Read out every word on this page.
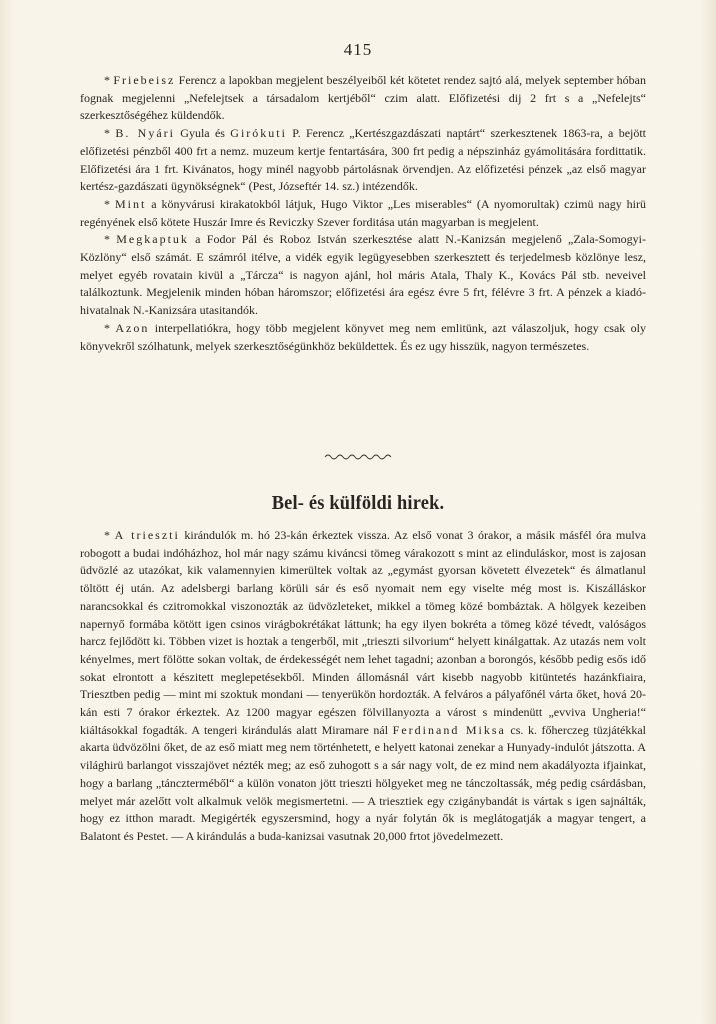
415

* Friebeisz Ferencz a lapokban megjelent beszélyeiből két kötetet rendez sajtó alá, melyek september hóban fognak megjelenni „Nefelejtsek a társadalom kertjéből“ czim alatt. Előfizetési dij 2 frt s a „Nefelejts“ szerkesztőségéhez küldendők.

* B. Nyári Gyula és Girókuti P. Ferencz „Kertészgazdászati naptárt“ szerkesztenek 1863-ra, a bejött előfizetési pénzből 400 frt a nemz. muzeum kertje fentartására, 300 frt pedig a népszinház gyámolitására fordittatik. Előfizetési ára 1 frt. Kivánatos, hogy minél nagyobb pártolásnak örvendjen. Az előfizetési pénzek „az első magyar kertész-gazdászati ügynökségnek“ (Pest, Józseftér 14. sz.) intézendők.

* Mint a könyvárusi kirakatokból látjuk, Hugo Viktor „Les miserables“ (A nyomorultak) czimü nagy hirü regényének első kötete Huszár Imre és Reviczky Szever forditása után magyarban is megjelent.

* Megkaptuk a Fodor Pál és Roboz István szerkesztése alatt N.-Kanizsán megjelenő „Zala-Somogyi-Közlöny“ első számát. E számról itélve, a vidék egyik legügyesebben szerkesztett és terjedelmesb közlönye lesz, melyet egyéb rovatain kivül a „Tárcza“ is nagyon ajánl, hol máris Atala, Thaly K., Kovács Pál stb. neveivel találkoztunk. Megjelenik minden hóban háromszor; előfizetési ára egész évre 5 frt, félévre 3 frt. A pénzek a kiadó-hivatalnak N.-Kanizsára utasitandók.

* Azon interpellatiókra, hogy több megjelent könyvet meg nem emlitünk, azt válaszoljuk, hogy csak oly könyvekről szólhatunk, melyek szerkesztőségünkhöz beküldettek. És ez ugy hisszük, nagyon természetes.

Bel- és külföldi hirek.

* A trieszti kirándulók m. hó 23-kán érkeztek vissza. Az első vonat 3 órakor, a másik másfél óra mulva robogott a budai indóházhoz, hol már nagy számu kiváncsi tömeg várakozott s mint az elinduláskor, most is zajosan üdvözlé az utazókat, kik valamennyien kimerültek voltak az „egymást gyorsan követett élvezetek“ és álmatlanul töltött éj után. Az adelsbergi barlang körüli sár és eső nyomait nem egy viselte még most is. Kiszálláskor narancsokkal és czitromokkal viszonozták az üdvözleteket, mikkel a tömeg közé bombáztak. A hölgyek kezeiben napernyő formába kötött igen csinos virágbokrétákat láttunk; ha egy ilyen bokréta a tömeg közé tévedt, valóságos harcz fejlődött ki. Többen vizet is hoztak a tengerből, mit „trieszti silvorium“ helyett kinálgattak. Az utazás nem volt kényelmes, mert fölötte sokan voltak, de érdekességét nem lehet tagadni; azonban a borongós, később pedig esős idő sokat elrontott a készitett meglepetésekből. Minden állomásnál várt kisebb nagyobb kitüntetés hazánkfiaira, Triesztben pedig — mint mi szoktuk mondani — tenyerükön hordozták. A felváros a pályafőnél várta őket, hová 20-kán esti 7 órakor érkeztek. Az 1200 magyar egészen fölvillanyozta a várost s mindenütt „evviva Ungheria!“ kiáltásokkal fogadták. A tengeri kirándulás alatt Miramare nál Ferdinand Miksa cs. k. főherczeg tüzjátékkal akarta üdvözölni őket, de az eső miatt meg nem történhetett, e helyett katonai zenekar a Hunyady-indulót játszotta. A világhirü barlangot visszajövet nézték meg; az eső zuhogott s a sár nagy volt, de ez mind nem akadályozta ifjainkat, hogy a barlang „tánczterméből“ a külön vonaton jött trieszti hölgyeket meg ne tánczoltassák, még pedig csárdásban, melyet már azelőtt volt alkalmuk velök megismertetni. — A triesztiek egy czigánybandát is vártak s igen sajnálták, hogy ez itthon maradt. Megigérték egyszersmind, hogy a nyár folytán ők is meglátogatják a magyar tengert, a Balatont és Pestet. — A kirándulás a buda-kanizsai vasutnak 20,000 frtot jövedelmezett.
